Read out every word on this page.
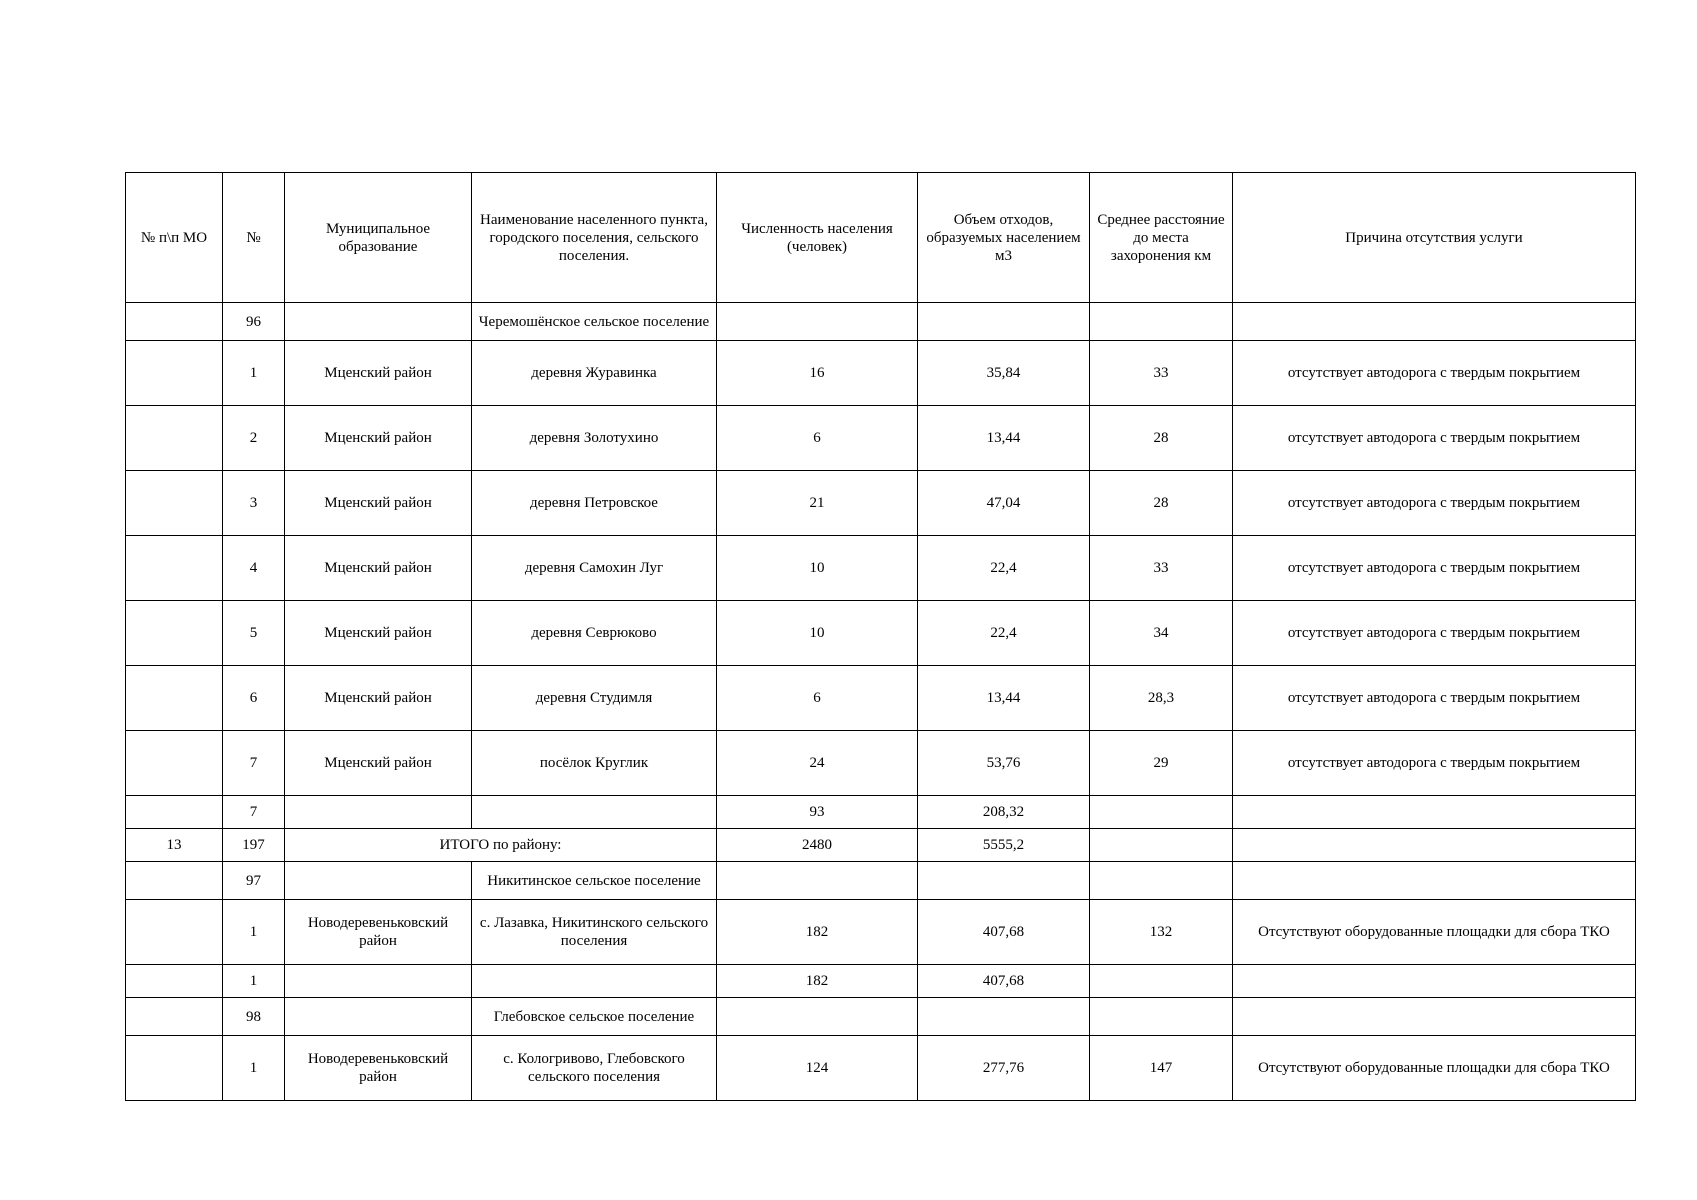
№ п\п МО	№	Муниципальное образование	Наименование населенного пункта, городского поселения, сельского поселения.	Численность населения (человек)	Объем отходов, образуемых населением м3	Среднее расстояние до места захоронения км	Причина отсутствия услуги
	96		Черемошёнское сельское поселение				
	1	Мценский район	деревня Журавинка	16	35,84	33	отсутствует автодорога с твердым покрытием
	2	Мценский район	деревня Золотухино	6	13,44	28	отсутствует автодорога с твердым покрытием
	3	Мценский район	деревня Петровское	21	47,04	28	отсутствует автодорога с твердым покрытием
	4	Мценский район	деревня Самохин Луг	10	22,4	33	отсутствует автодорога с твердым покрытием
	5	Мценский район	деревня Севрюково	10	22,4	34	отсутствует автодорога с твердым покрытием
	6	Мценский район	деревня Студимля	6	13,44	28,3	отсутствует автодорога с твердым покрытием
	7	Мценский район	посёлок Круглик	24	53,76	29	отсутствует автодорога с твердым покрытием
	7			93	208,32		
13	197	ИТОГО по району:		2480	5555,2		
	97		Никитинское сельское поселение				
	1	Новодеревеньковский район	с. Лазавка, Никитинского сельского поселения	182	407,68	132	Отсутствуют оборудованные площадки для сбора ТКО
	1			182	407,68		
	98		Глебовское сельское поселение				
	1	Новодеревеньковский район	с. Кологривово, Глебовского сельского поселения	124	277,76	147	Отсутствуют оборудованные площадки для сбора ТКО
